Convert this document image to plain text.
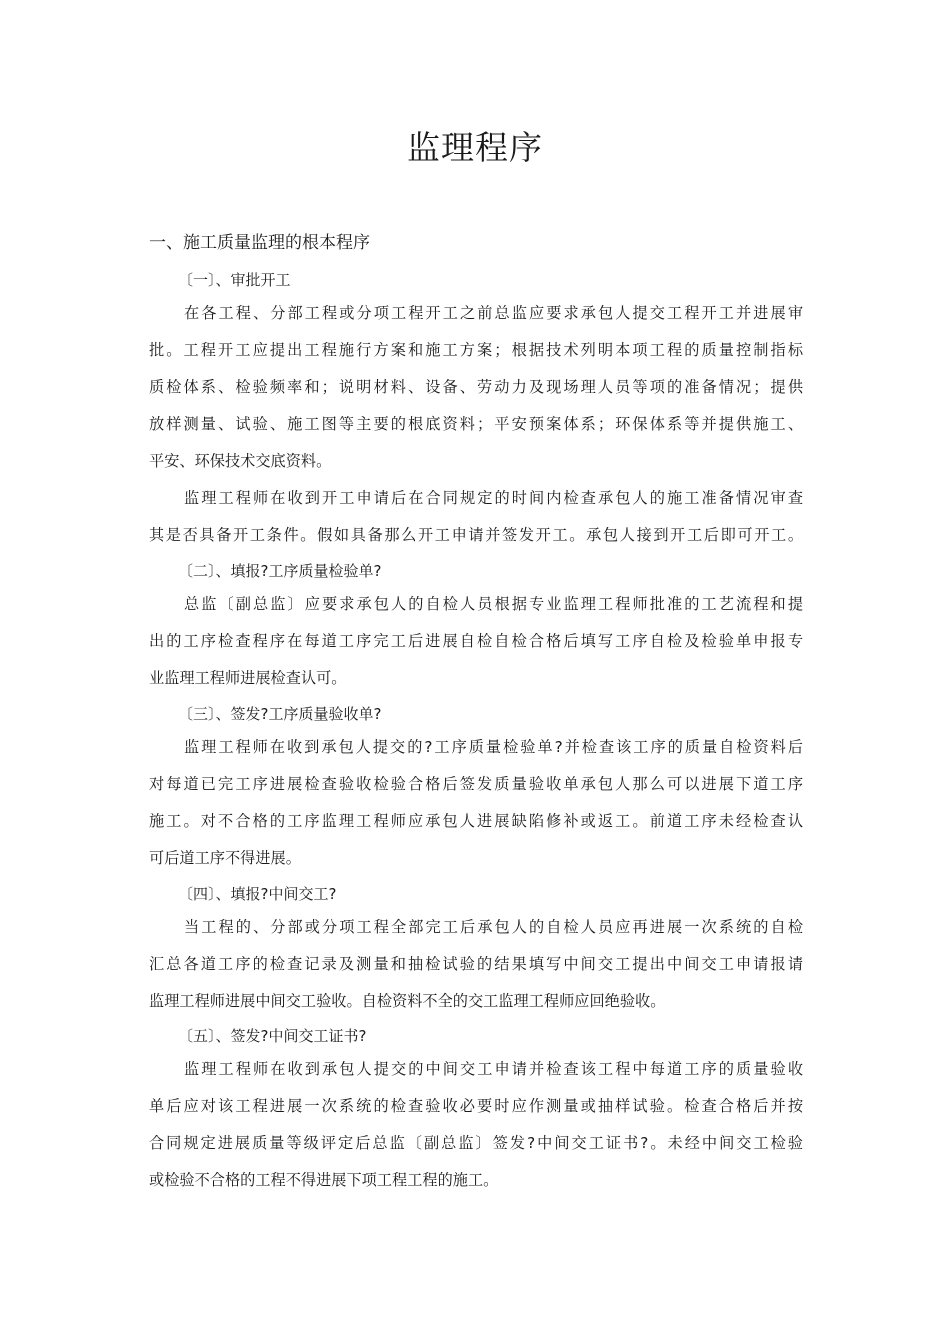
监理程序
一、施工质量监理的根本程序
〔一〕、审批开工
在各工程、分部工程或分项工程开工之前总监应要求承包人提交工程开工并进展审
批。工程开工应提出工程施行方案和施工方案；根据技术列明本项工程的质量控制指标
质检体系、检验频率和；说明材料、设备、劳动力及现场理人员等项的准备情况；提供
放样测量、试验、施工图等主要的根底资料；平安预案体系；环保体系等并提供施工、
平安、环保技术交底资料。
监理工程师在收到开工申请后在合同规定的时间内检查承包人的施工准备情况审查
其是否具备开工条件。假如具备那么开工申请并签发开工。承包人接到开工后即可开工。
〔二〕、填报?工序质量检验单?
总监〔副总监〕应要求承包人的自检人员根据专业监理工程师批准的工艺流程和提
出的工序检查程序在每道工序完工后进展自检自检合格后填写工序自检及检验单申报专
业监理工程师进展检查认可。
〔三〕、签发?工序质量验收单?
监理工程师在收到承包人提交的?工序质量检验单?并检查该工序的质量自检资料后
对每道已完工序进展检查验收检验合格后签发质量验收单承包人那么可以进展下道工序
施工。对不合格的工序监理工程师应承包人进展缺陷修补或返工。前道工序未经检查认
可后道工序不得进展。
〔四〕、填报?中间交工?
当工程的、分部或分项工程全部完工后承包人的自检人员应再进展一次系统的自检
汇总各道工序的检查记录及测量和抽检试验的结果填写中间交工提出中间交工申请报请
监理工程师进展中间交工验收。自检资料不全的交工监理工程师应回绝验收。
〔五〕、签发?中间交工证书?
监理工程师在收到承包人提交的中间交工申请并检查该工程中每道工序的质量验收
单后应对该工程进展一次系统的检查验收必要时应作测量或抽样试验。检查合格后并按
合同规定进展质量等级评定后总监〔副总监〕签发?中间交工证书?。未经中间交工检验
或检验不合格的工程不得进展下项工程工程的施工。
